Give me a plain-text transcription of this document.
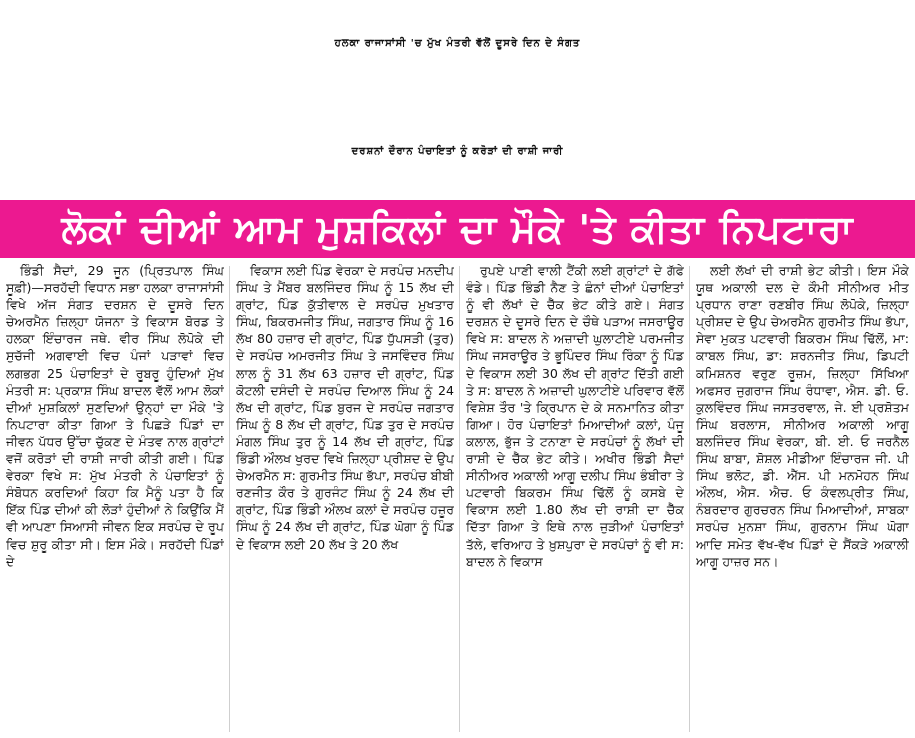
ਹਲਕਾ ਰਾਜਾਸਾਂਸੀ 'ਚ ਮੁੱਖ ਮੰਤਰੀ ਵੱਲੋਂ ਦੂਸਰੇ ਦਿਨ ਦੇ ਸੰਗਤ
ਦਰਸ਼ਨਾਂ ਦੌਰਾਨ ਪੰਚਾਇਤਾਂ ਨੂੰ ਕਰੋੜਾਂ ਦੀ ਰਾਸ਼ੀ ਜਾਰੀ
ਲੋਕਾਂ ਦੀਆਂ ਆਮ ਮੁਸ਼ਕਿਲਾਂ ਦਾ ਮੌਕੇ 'ਤੇ ਕੀਤਾ ਨਿਪਟਾਰਾ

ਭਿੰਡੀ ਸੈਦਾਂ, 29 ਜੂਨ (ਪ੍ਰਿਤਪਾਲ ਸਿੰਘ ਸੂਫ਼ੀ)—ਸਰਹੱਦੀ ਵਿਧਾਨ ਸਭਾ ਹਲਕਾ ਰਾਜਾਸਾਂਸੀ ਵਿਖੇ ਅੱਜ ਸੰਗਤ ਦਰਸ਼ਨ ਦੇ ਦੂਸਰੇ ਦਿਨ ਚੇਅਰਮੈਨ ਜ਼ਿਲ੍ਹਾ ਯੋਜਨਾ ਤੇ ਵਿਕਾਸ ਬੋਰਡ ਤੇ ਹਲਕਾ ਇੰਚਾਰਜ ਜਥੇ. ਵੀਰ ਸਿੰਘ ਲੋਪੋਕੇ ਦੀ ਸੁਚੱਜੀ ਅਗਵਾਈ ਵਿਚ ਪੰਜਾਂ ਪੜਾਵਾਂ ਵਿਚ ਲਗਭਗ 25 ਪੰਚਾਇਤਾਂ ਦੇ ਰੂਬਰੂ ਹੁੰਦਿਆਂ ਮੁੱਖ ਮੰਤਰੀ ਸ: ਪ੍ਰਕਾਸ਼ ਸਿੰਘ ਬਾਦਲ ਵੱਲੋਂ ਆਮ ਲੋਕਾਂ ਦੀਆਂ ਮੁਸ਼ਕਿਲਾਂ ਸੁਣਦਿਆਂ ਉਨ੍ਹਾਂ ਦਾ ਮੌਕੇ 'ਤੇ ਨਿਪਟਾਰਾ ਕੀਤਾ ਗਿਆ ਤੇ ਪਿਛੜੇ ਪਿੰਡਾਂ ਦਾ ਜੀਵਨ ਪੱਧਰ ਉੱਚਾ ਚੁੱਕਣ ਦੇ ਮੰਤਵ ਨਾਲ ਗ੍ਰਾਂਟਾਂ ਵਜੋਂ ਕਰੋੜਾਂ ਦੀ ਰਾਸ਼ੀ ਜਾਰੀ ਕੀਤੀ ਗਈ। ਪਿੰਡ ਵੇਰਕਾ ਵਿਖੇ ਸ: ਮੁੱਖ ਮੰਤਰੀ ਨੇ ਪੰਚਾਇਤਾਂ ਨੂੰ ਸੰਬੋਧਨ ਕਰਦਿਆਂ ਕਿਹਾ ਕਿ ਮੈਨੂੰ ਪਤਾ ਹੈ ਕਿ ਇੱਕ ਪਿੰਡ ਦੀਆਂ ਕੀ ਲੋੜਾਂ ਹੁੰਦੀਆਂ ਨੇ ਕਿਉਂਕਿ ਮੈਂ ਵੀ ਆਪਣਾ ਸਿਆਸੀ ਜੀਵਨ ਇਕ ਸਰਪੰਚ ਦੇ ਰੂਪ ਵਿਚ ਸ਼ੁਰੂ ਕੀਤਾ ਸੀ। ਇਸ ਮੌਕੇ। ਸਰਹੱਦੀ ਪਿੰਡਾਂ ਦੇ

ਵਿਕਾਸ ਲਈ ਪਿੰਡ ਵੇਰਕਾ ਦੇ ਸਰਪੰਚ ਮਨਦੀਪ ਸਿੰਘ ਤੇ ਮੈਂਬਰ ਬਲਜਿੰਦਰ ਸਿੰਘ ਨੂੰ 15 ਲੱਖ ਦੀ ਗ੍ਰਾਂਟ, ਪਿੰਡ ਕੁੱਤੀਵਾਲ ਦੇ ਸਰਪੰਚ ਮੁਖਤਾਰ ਸਿੰਘ, ਬਿਕਰਮਜੀਤ ਸਿੰਘ, ਜਗਤਾਰ ਸਿੰਘ ਨੂੰ 16 ਲੱਖ 80 ਹਜ਼ਾਰ ਦੀ ਗ੍ਰਾਂਟ, ਪਿੰਡ ਧੁੱਪਸੜੀ (ਤੁਰ) ਦੇ ਸਰਪੰਚ ਅਮਰਜੀਤ ਸਿੰਘ ਤੇ ਜਸਵਿੰਦਰ ਸਿੰਘ ਲਾਲ ਨੂੰ 31 ਲੱਖ 63 ਹਜ਼ਾਰ ਦੀ ਗ੍ਰਾਂਟ, ਪਿੰਡ ਕੋਟਲੀ ਦਸੰਦੀ ਦੇ ਸਰਪੰਚ ਦਿਆਲ ਸਿੰਘ ਨੂੰ 24 ਲੱਖ ਦੀ ਗ੍ਰਾਂਟ, ਪਿੰਡ ਬੁਰਜ ਦੇ ਸਰਪੰਚ ਜਗਤਾਰ ਸਿੰਘ ਨੂੰ 8 ਲੱਖ ਦੀ ਗ੍ਰਾਂਟ, ਪਿੰਡ ਤੁਰ ਦੇ ਸਰਪੰਚ ਮੰਗਲ ਸਿੰਘ ਤੁਰ ਨੂੰ 14 ਲੱਖ ਦੀ ਗ੍ਰਾਂਟ, ਪਿੰਡ ਭਿੰਡੀ ਔਲਖ ਖੁਰਦ ਵਿਖੇ ਜ਼ਿਲ੍ਹਾ ਪ੍ਰੀਸ਼ਦ ਦੇ ਉਪ ਚੇਅਰਮੈਨ ਸ: ਗੁਰਮੀਤ ਸਿੰਘ ਭੱਪਾ, ਸਰਪੰਚ ਬੀਬੀ ਰਣਜੀਤ ਕੌਰ ਤੇ ਗੁਰਜੰਟ ਸਿੰਘ ਨੂੰ 24 ਲੱਖ ਦੀ ਗ੍ਰਾਂਟ, ਪਿੰਡ ਭਿੰਡੀ ਔਲਖ ਕਲਾਂ ਦੇ ਸਰਪੰਚ ਹਜ਼ੂਰ ਸਿੰਘ ਨੂੰ 24 ਲੱਖ ਦੀ ਗ੍ਰਾਂਟ, ਪਿੰਡ ਘੋਗਾ ਨੂੰ ਪਿੰਡ ਦੇ ਵਿਕਾਸ ਲਈ 20 ਲੱਖ ਤੇ 20 ਲੱਖ

ਰੁਪਏ ਪਾਣੀ ਵਾਲੀ ਟੈਂਕੀ ਲਈ ਗ੍ਰਾਂਟਾਂ ਦੇ ਗੱਫੇ ਵੰਡੇ। ਪਿੰਡ ਭਿੰਡੀ ਨੈਣ ਤੇ ਛੰਨਾਂ ਦੀਆਂ ਪੰਚਾਇਤਾਂ ਨੂੰ ਵੀ ਲੱਖਾਂ ਦੇ ਚੈੱਕ ਭੇਟ ਕੀਤੇ ਗਏ। ਸੰਗਤ ਦਰਸ਼ਨ ਦੇ ਦੂਸਰੇ ਦਿਨ ਦੇ ਚੌਥੇ ਪੜਾਅ ਜਸਰਾਊਰ ਵਿਖੇ ਸ: ਬਾਦਲ ਨੇ ਅਜ਼ਾਦੀ ਘੁਲਾਟੀਏ ਪਰਮਜੀਤ ਸਿੰਘ ਜਸਰਾਊਰ ਤੇ ਭੂਪਿੰਦਰ ਸਿੰਘ ਰਿੰਕਾ ਨੂੰ ਪਿੰਡ ਦੇ ਵਿਕਾਸ ਲਈ 30 ਲੱਖ ਦੀ ਗ੍ਰਾਂਟ ਦਿੱਤੀ ਗਈ ਤੇ ਸ: ਬਾਦਲ ਨੇ ਅਜ਼ਾਦੀ ਘੁਲਾਟੀਏ ਪਰਿਵਾਰ ਵੱਲੋਂ ਵਿਸ਼ੇਸ਼ ਤੌਰ 'ਤੇ ਕ੍ਰਿਪਾਨ ਦੇ ਕੇ ਸਨਮਾਨਿਤ ਕੀਤਾ ਗਿਆ। ਹੋਰ ਪੰਚਾਇਤਾਂ ਮਿਆਦੀਆਂ ਕਲਾਂ, ਪੰਜੂ ਕਲਾਲ, ਭੁੱਜ ਤੇ ਟਨਾਣਾ ਦੇ ਸਰਪੰਚਾਂ ਨੂੰ ਲੱਖਾਂ ਦੀ ਰਾਸ਼ੀ ਦੇ ਚੈੱਕ ਭੇਟ ਕੀਤੇ। ਅਖੀਰ ਭਿੰਡੀ ਸੈਦਾਂ ਸੀਨੀਅਰ ਅਕਾਲੀ ਆਗੂ ਦਲੀਪ ਸਿੰਘ ਭੰਬੀਰਾ ਤੇ ਪਟਵਾਰੀ ਬਿਕਰਮ ਸਿੰਘ ਢਿੱਲੋਂ ਨੂੰ ਕਸਬੇ ਦੇ ਵਿਕਾਸ ਲਈ 1.80 ਲੱਖ ਦੀ ਰਾਸ਼ੀ ਦਾ ਚੈੱਕ ਦਿੱਤਾ ਗਿਆ ਤੇ ਇਥੇ ਨਾਲ ਜੁੜੀਆਂ ਪੰਚਾਇਤਾਂ ਤੱਲੇ, ਵਰਿਆਹ ਤੇ ਖ਼ੁਸ਼ਪੁਰਾ ਦੇ ਸਰਪੰਚਾਂ ਨੂੰ ਵੀ ਸ: ਬਾਦਲ ਨੇ ਵਿਕਾਸ

ਲਈ ਲੱਖਾਂ ਦੀ ਰਾਸ਼ੀ ਭੇਟ ਕੀਤੀ। ਇਸ ਮੌਕੇ ਯੂਥ ਅਕਾਲੀ ਦਲ ਦੇ ਕੌਮੀ ਸੀਨੀਅਰ ਮੀਤ ਪ੍ਰਧਾਨ ਰਾਣਾ ਰਣਬੀਰ ਸਿੰਘ ਲੋਪੋਕੇ, ਜ਼ਿਲ੍ਹਾ ਪ੍ਰੀਸ਼ਦ ਦੇ ਉਪ ਚੇਅਰਮੈਨ ਗੁਰਮੀਤ ਸਿੰਘ ਭੱਪਾ, ਸੇਵਾ ਮੁਕਤ ਪਟਵਾਰੀ ਬਿਕਰਮ ਸਿੰਘ ਢਿੱਲੋਂ, ਮਾ: ਕਾਬਲ ਸਿੰਘ, ਡਾ: ਸ਼ਰਨਜੀਤ ਸਿੰਘ, ਡਿਪਟੀ ਕਮਿਸ਼ਨਰ ਵਰੁਣ ਰੂਜ਼ਮ, ਜ਼ਿਲ੍ਹਾ ਸਿੱਖਿਆ ਅਫਸਰ ਜੁਗਰਾਜ ਸਿੰਘ ਰੰਧਾਵਾ, ਐਸ. ਡੀ. ਓ. ਕੁਲਵਿੰਦਰ ਸਿੰਘ ਜਸਤਰਵਾਲ, ਜੇ. ਈ ਪ੍ਰਸ਼ੋਤਮ ਸਿੰਘ ਬਰਲਾਸ, ਸੀਨੀਅਰ ਅਕਾਲੀ ਆਗੂ ਬਲਜਿੰਦਰ ਸਿੰਘ ਵੇਰਕਾ, ਬੀ. ਈ. ਓ ਜਰਨੈਲ ਸਿੰਘ ਬਾਬਾ, ਸ਼ੋਸ਼ਲ ਮੀਡੀਆ ਇੰਚਾਰਜ ਜੀ. ਪੀ ਸਿੰਘ ਭਲੋਟ, ਡੀ. ਐੱਸ. ਪੀ ਮਨਮੋਹਨ ਸਿੰਘ ਔਲਖ, ਐਸ. ਐਚ. ਓ ਕੰਵਲਪ੍ਰੀਤ ਸਿੰਘ, ਨੰਬਰਦਾਰ ਗੁਰਚਰਨ ਸਿੰਘ ਮਿਆਦੀਆਂ, ਸਾਬਕਾ ਸਰਪੰਚ ਮੁਨਸ਼ਾ ਸਿੰਘ, ਗੁਰਨਾਮ ਸਿੰਘ ਘੋਗਾ ਆਦਿ ਸਮੇਤ ਵੱਖ-ਵੱਖ ਪਿੰਡਾਂ ਦੇ ਸੈਂਕੜੇ ਅਕਾਲੀ ਆਗੂ ਹਾਜ਼ਰ ਸਨ।
